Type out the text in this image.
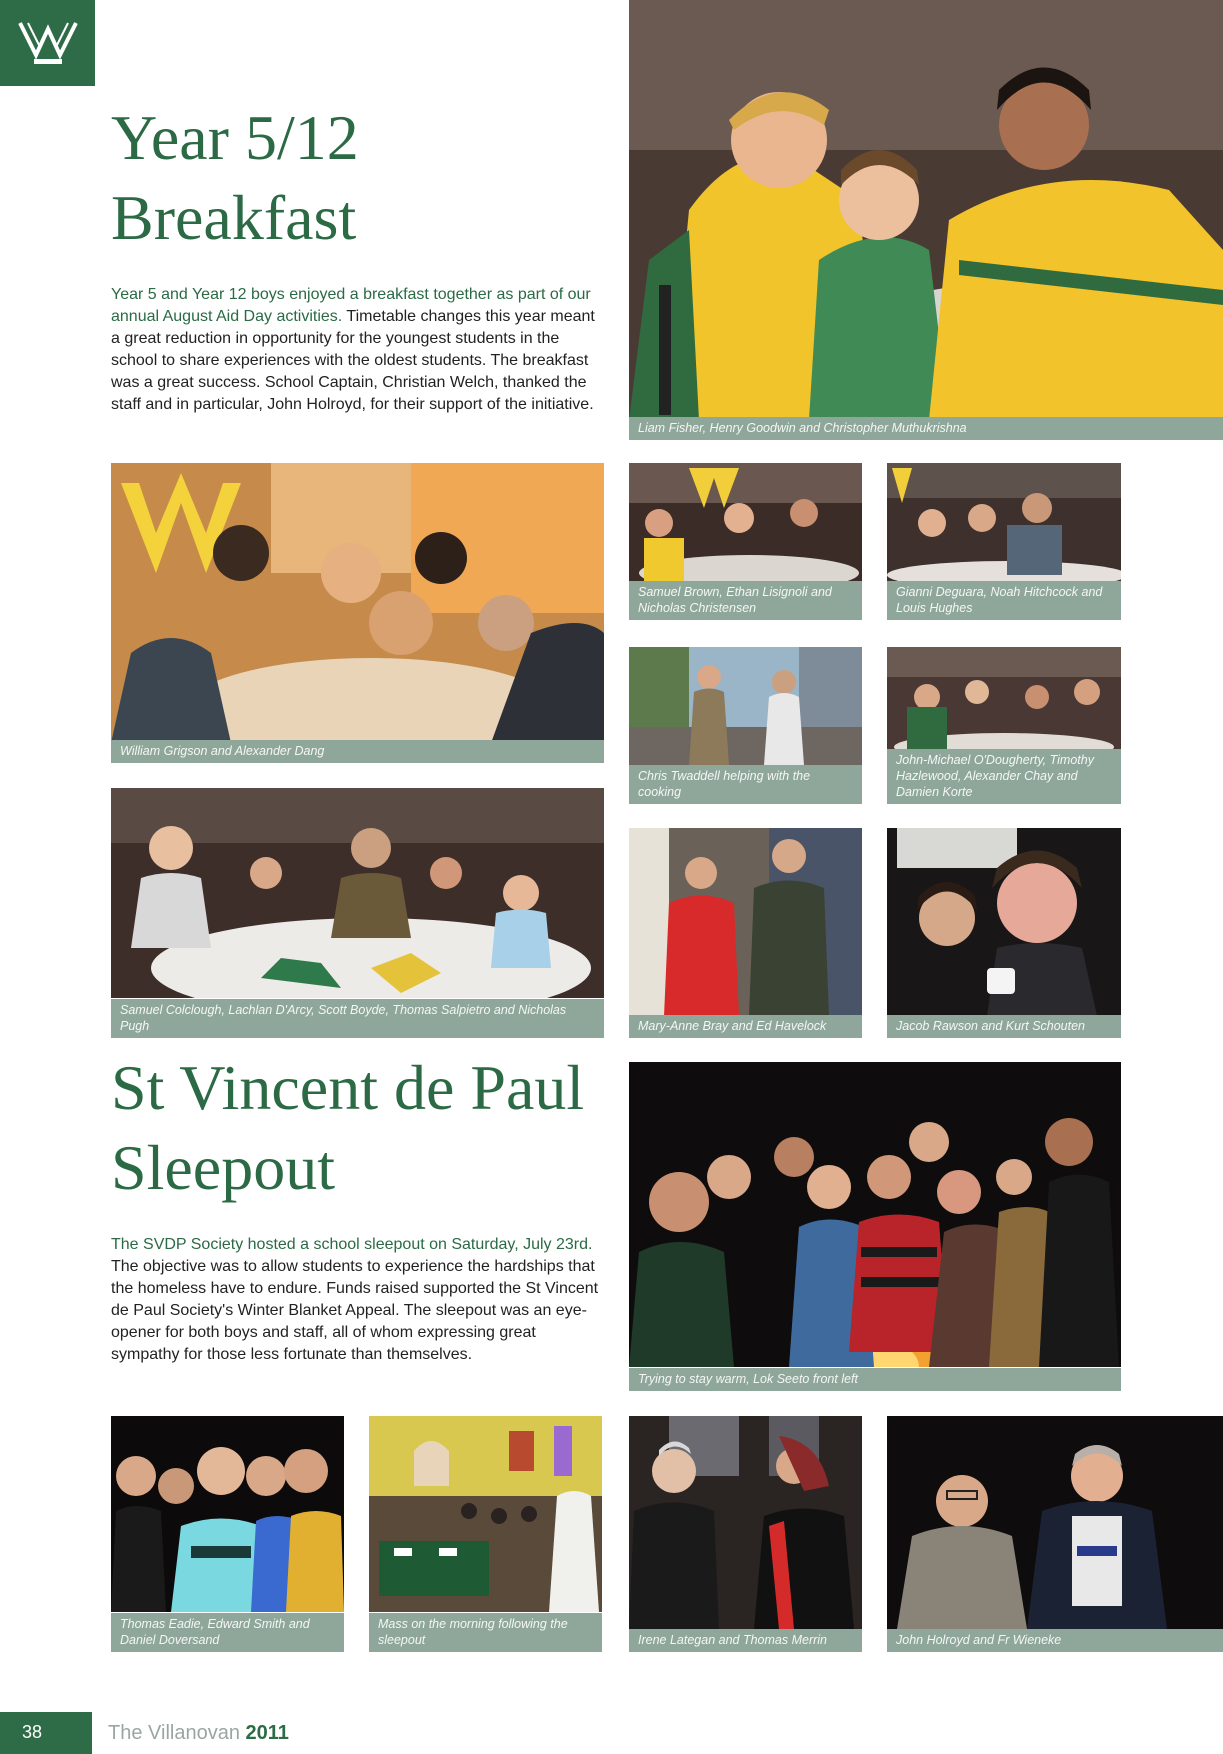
Year 5/12
Breakfast
Year 5 and Year 12 boys enjoyed a breakfast together as part of our annual August Aid Day activities. Timetable changes this year meant a great reduction in opportunity for the youngest students in the school to share experiences with the oldest students. The breakfast was a great success. School Captain, Christian Welch, thanked the staff and in particular, John Holroyd, for their support of the initiative.
Liam Fisher, Henry Goodwin and Christopher Muthukrishna
William Grigson and Alexander Dang
Samuel Brown, Ethan Lisignoli and Nicholas Christensen
Gianni Deguara, Noah Hitchcock and Louis Hughes
Chris Twaddell helping with the cooking
John-Michael O'Dougherty, Timothy Hazlewood, Alexander Chay and Damien Korte
Samuel Colclough, Lachlan D'Arcy, Scott Boyde, Thomas Salpietro and Nicholas Pugh	Mary-Anne Bray and Ed Havelock	Jacob Rawson and Kurt Schouten
St Vincent de Paul
Sleepout
The SVDP Society hosted a school sleepout on Saturday, July 23rd. The objective was to allow students to experience the hardships that the homeless have to endure. Funds raised supported the St Vincent de Paul Society's Winter Blanket Appeal. The sleepout was an eye-opener for both boys and staff, all of whom expressing great sympathy for those less fortunate than themselves.
Trying to stay warm, Lok Seeto front left
Thomas Eadie, Edward Smith and Daniel Doversand
Mass on the morning following the sleepout	Irene Lategan and Thomas Merrin	John Holroyd and Fr Wieneke
38	The Villanovan 2011
